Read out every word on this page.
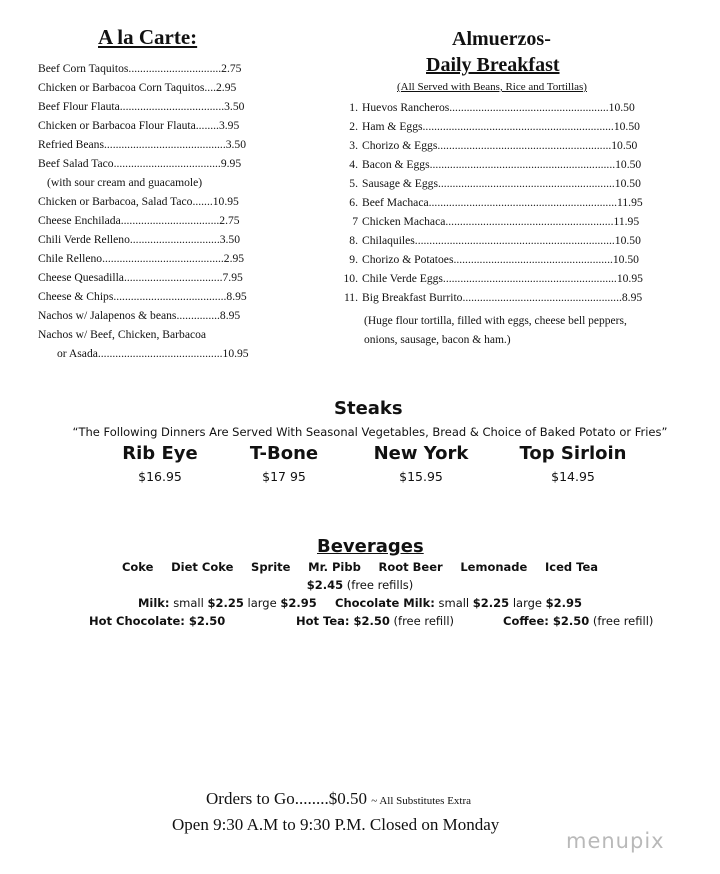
A la Carte:
Beef Corn Taquitos................................2.75
Chicken or Barbacoa Corn Taquitos....2.95
Beef Flour Flauta....................................3.50
Chicken or Barbacoa Flour Flauta........3.95
Refried Beans..........................................3.50
Beef Salad Taco.....................................9.95
(with sour cream and guacamole)
Chicken or Barbacoa, Salad Taco.......10.95
Cheese Enchilada..................................2.75
Chili Verde Relleno...............................3.50
Chile Relleno..........................................2.95
Cheese Quesadilla..................................7.95
Cheese & Chips.......................................8.95
Nachos w/ Jalapenos & beans...............8.95
Nachos w/ Beef, Chicken, Barbacoa
or Asada...........................................10.95
Almuerzos-
Daily Breakfast
(All Served with Beans, Rice and Tortillas)
1. Huevos Rancheros.......................................................10.50
2. Ham & Eggs..................................................................10.50
3. Chorizo & Eggs............................................................10.50
4. Bacon & Eggs................................................................10.50
5. Sausage & Eggs.............................................................10.50
6. Beef Machaca.................................................................11.95
7 Chicken Machaca..........................................................11.95
8. Chilaquiles.....................................................................10.50
9. Chorizo & Potatoes.......................................................10.50
10. Chile Verde Eggs............................................................10.95
11. Big Breakfast Burrito.......................................................8.95
(Huge flour tortilla, filled with eggs, cheese bell peppers,
onions, sausage, bacon & ham.)
Steaks
“The Following Dinners Are Served With Seasonal Vegetables, Bread & Choice of Baked Potato or Fries”
Rib Eye
$16.95
T-Bone
$17 95
New York
$15.95
Top Sirloin
$14.95
Beverages
Coke Diet Coke Sprite Mr. Pibb Root Beer Lemonade Iced Tea
$2.45 (free refills)
Milk: small $2.25 large $2.95 Chocolate Milk: small $2.25 large $2.95
Hot Chocolate: $2.50	Hot Tea: $2.50 (free refill)	Coffee: $2.50 (free refill)
Orders to Go........$0.50 ~ All Substitutes Extra
Open 9:30 A.M to 9:30 P.M. Closed on Monday
menupix
